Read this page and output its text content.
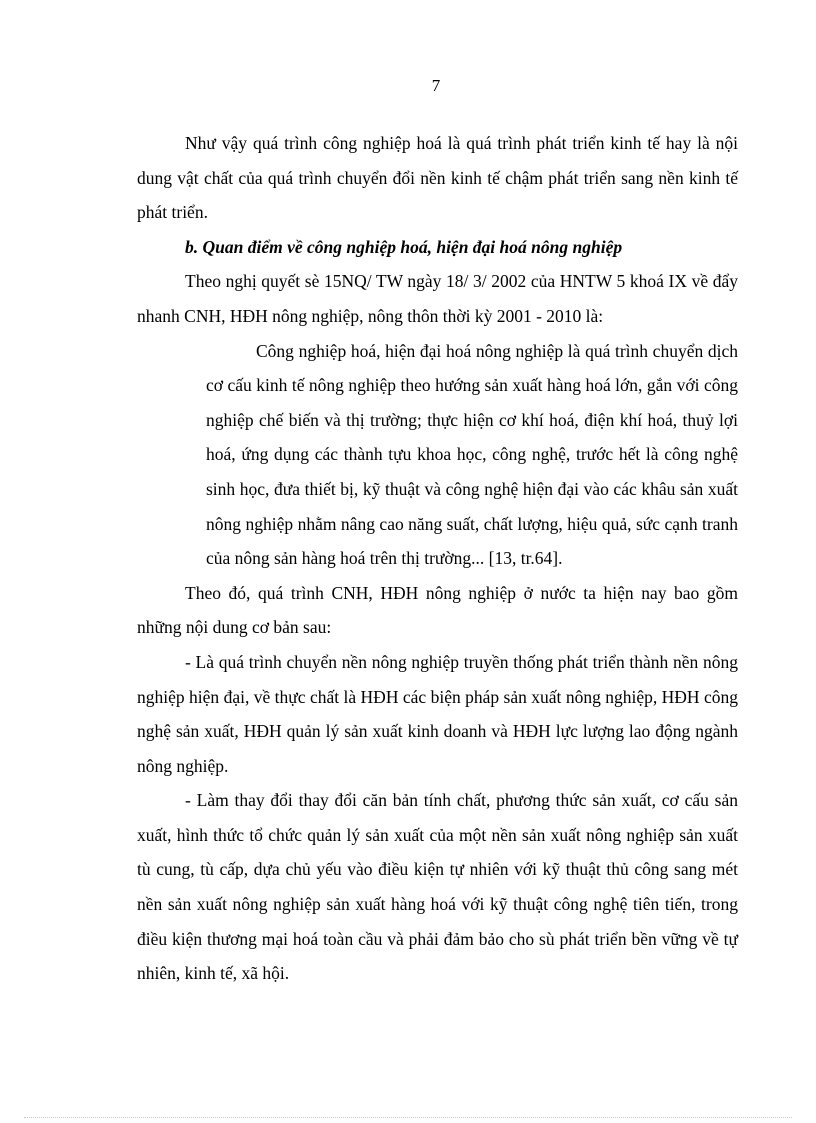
7

Như vậy quá trình công nghiệp hoá là quá trình phát triển kinh tế hay là nội dung vật chất của quá trình chuyển đổi nền kinh tế chậm phát triển sang nền kinh tế phát triển.

b. Quan điểm về công nghiệp hoá, hiện đại hoá nông nghiệp

Theo nghị quyết sè 15NQ/ TW ngày 18/ 3/ 2002 của HNTW 5 khoá IX về đẩy nhanh CNH, HĐH nông nghiệp, nông thôn thời kỳ 2001 - 2010 là:

Công nghiệp hoá, hiện đại hoá nông nghiệp là quá trình chuyển dịch cơ cấu kinh tế nông nghiệp theo hướng sản xuất hàng hoá lớn, gắn với công nghiệp chế biến và thị trường; thực hiện cơ khí hoá, điện khí hoá, thuỷ lợi hoá, ứng dụng các thành tựu khoa học, công nghệ, trước hết là công nghệ sinh học, đưa thiết bị, kỹ thuật và công nghệ hiện đại vào các khâu sản xuất nông nghiệp nhằm nâng cao năng suất, chất lượng, hiệu quả, sức cạnh tranh của nông sản hàng hoá trên thị trường... [13, tr.64].

Theo đó, quá trình CNH, HĐH nông nghiệp ở nước ta hiện nay bao gồm những nội dung cơ bản sau:

- Là quá trình chuyển nền nông nghiệp truyền thống phát triển thành nền nông nghiệp hiện đại, về thực chất là HĐH các biện pháp sản xuất nông nghiệp, HĐH công nghệ sản xuất, HĐH quản lý sản xuất kinh doanh và HĐH lực lượng lao động ngành nông nghiệp.

- Làm thay đổi thay đổi căn bản tính chất, phương thức sản xuất, cơ cấu sản xuất, hình thức tổ chức quản lý sản xuất của một nền sản xuất nông nghiệp sản xuất tù cung, tù cấp, dựa chủ yếu vào điều kiện tự nhiên với kỹ thuật thủ công sang mét nền sản xuất nông nghiệp sản xuất hàng hoá với kỹ thuật công nghệ tiên tiến, trong điều kiện thương mại hoá toàn cầu và phải đảm bảo cho sù phát triển bền vững về tự nhiên, kinh tế, xã hội.
